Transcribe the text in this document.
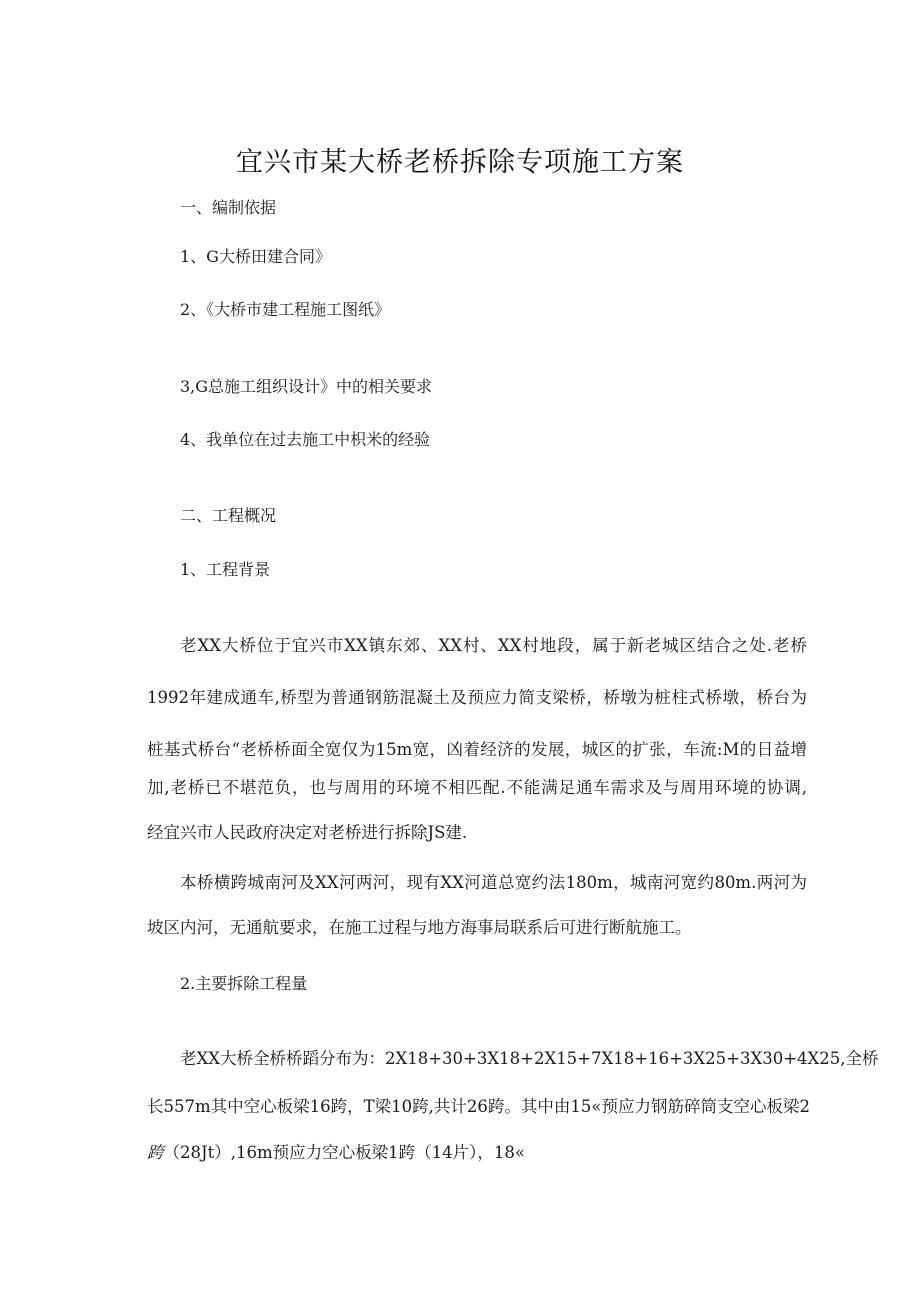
宜兴市某大桥老桥拆除专项施工方案
一、编制依据
1、G大桥田建合同》
2、《大桥市建工程施工图纸》
3,G总施工组织设计》中的相关要求
4、我单位在过去施工中枳米的经验
二、工程概况
1、工程背景
老XX大桥位于宜兴市XX镇东郊、XX村、XX村地段，属于新老城区结合之处.老桥
1992年建成通车,桥型为普通钢筋混凝土及预应力简支梁桥，桥墩为桩柱式桥墩，桥台为
桩基式桥台“老桥桥面全宽仅为15m宽，凶着经济的发展，城区的扩张，车流:M的日益增
加,老桥已不堪范负，也与周用的环境不相匹配.不能满足通车需求及与周用环境的协调,
经宜兴市人民政府决定对老桥进行拆除JS建.
本桥横跨城南河及XX河两河，现有XX河道总宽约法180m，城南河宽约80m.两河为
坡区内河，无通航要求，在施工过程与地方海事局联系后可进行断航施工。
2.主要拆除工程量
老XX大桥全桥桥蹈分布为：2X18+30+3X18+2X15+7X18+16+3X25+3X30+4X25,全桥
长557m其中空心板梁16跨，T梁10跨,共计26跨。其中由15«预应力钢筋碎筒支空心板梁2
跨（28Jt）,16m预应力空心板梁1跨（14片），18«
